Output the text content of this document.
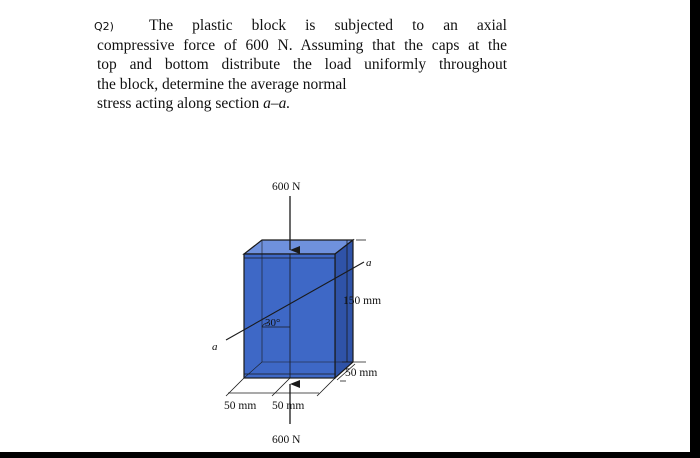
Q2)	The plastic block is subjected to an axial
compressive force of 600 N. Assuming that the caps at the
top and bottom distribute the load uniformly throughout
the block, determine the average normal
stress acting along section a–a.
30°
a
a
600 N
600 N
150 mm
50 mm
50 mm 50 mm
